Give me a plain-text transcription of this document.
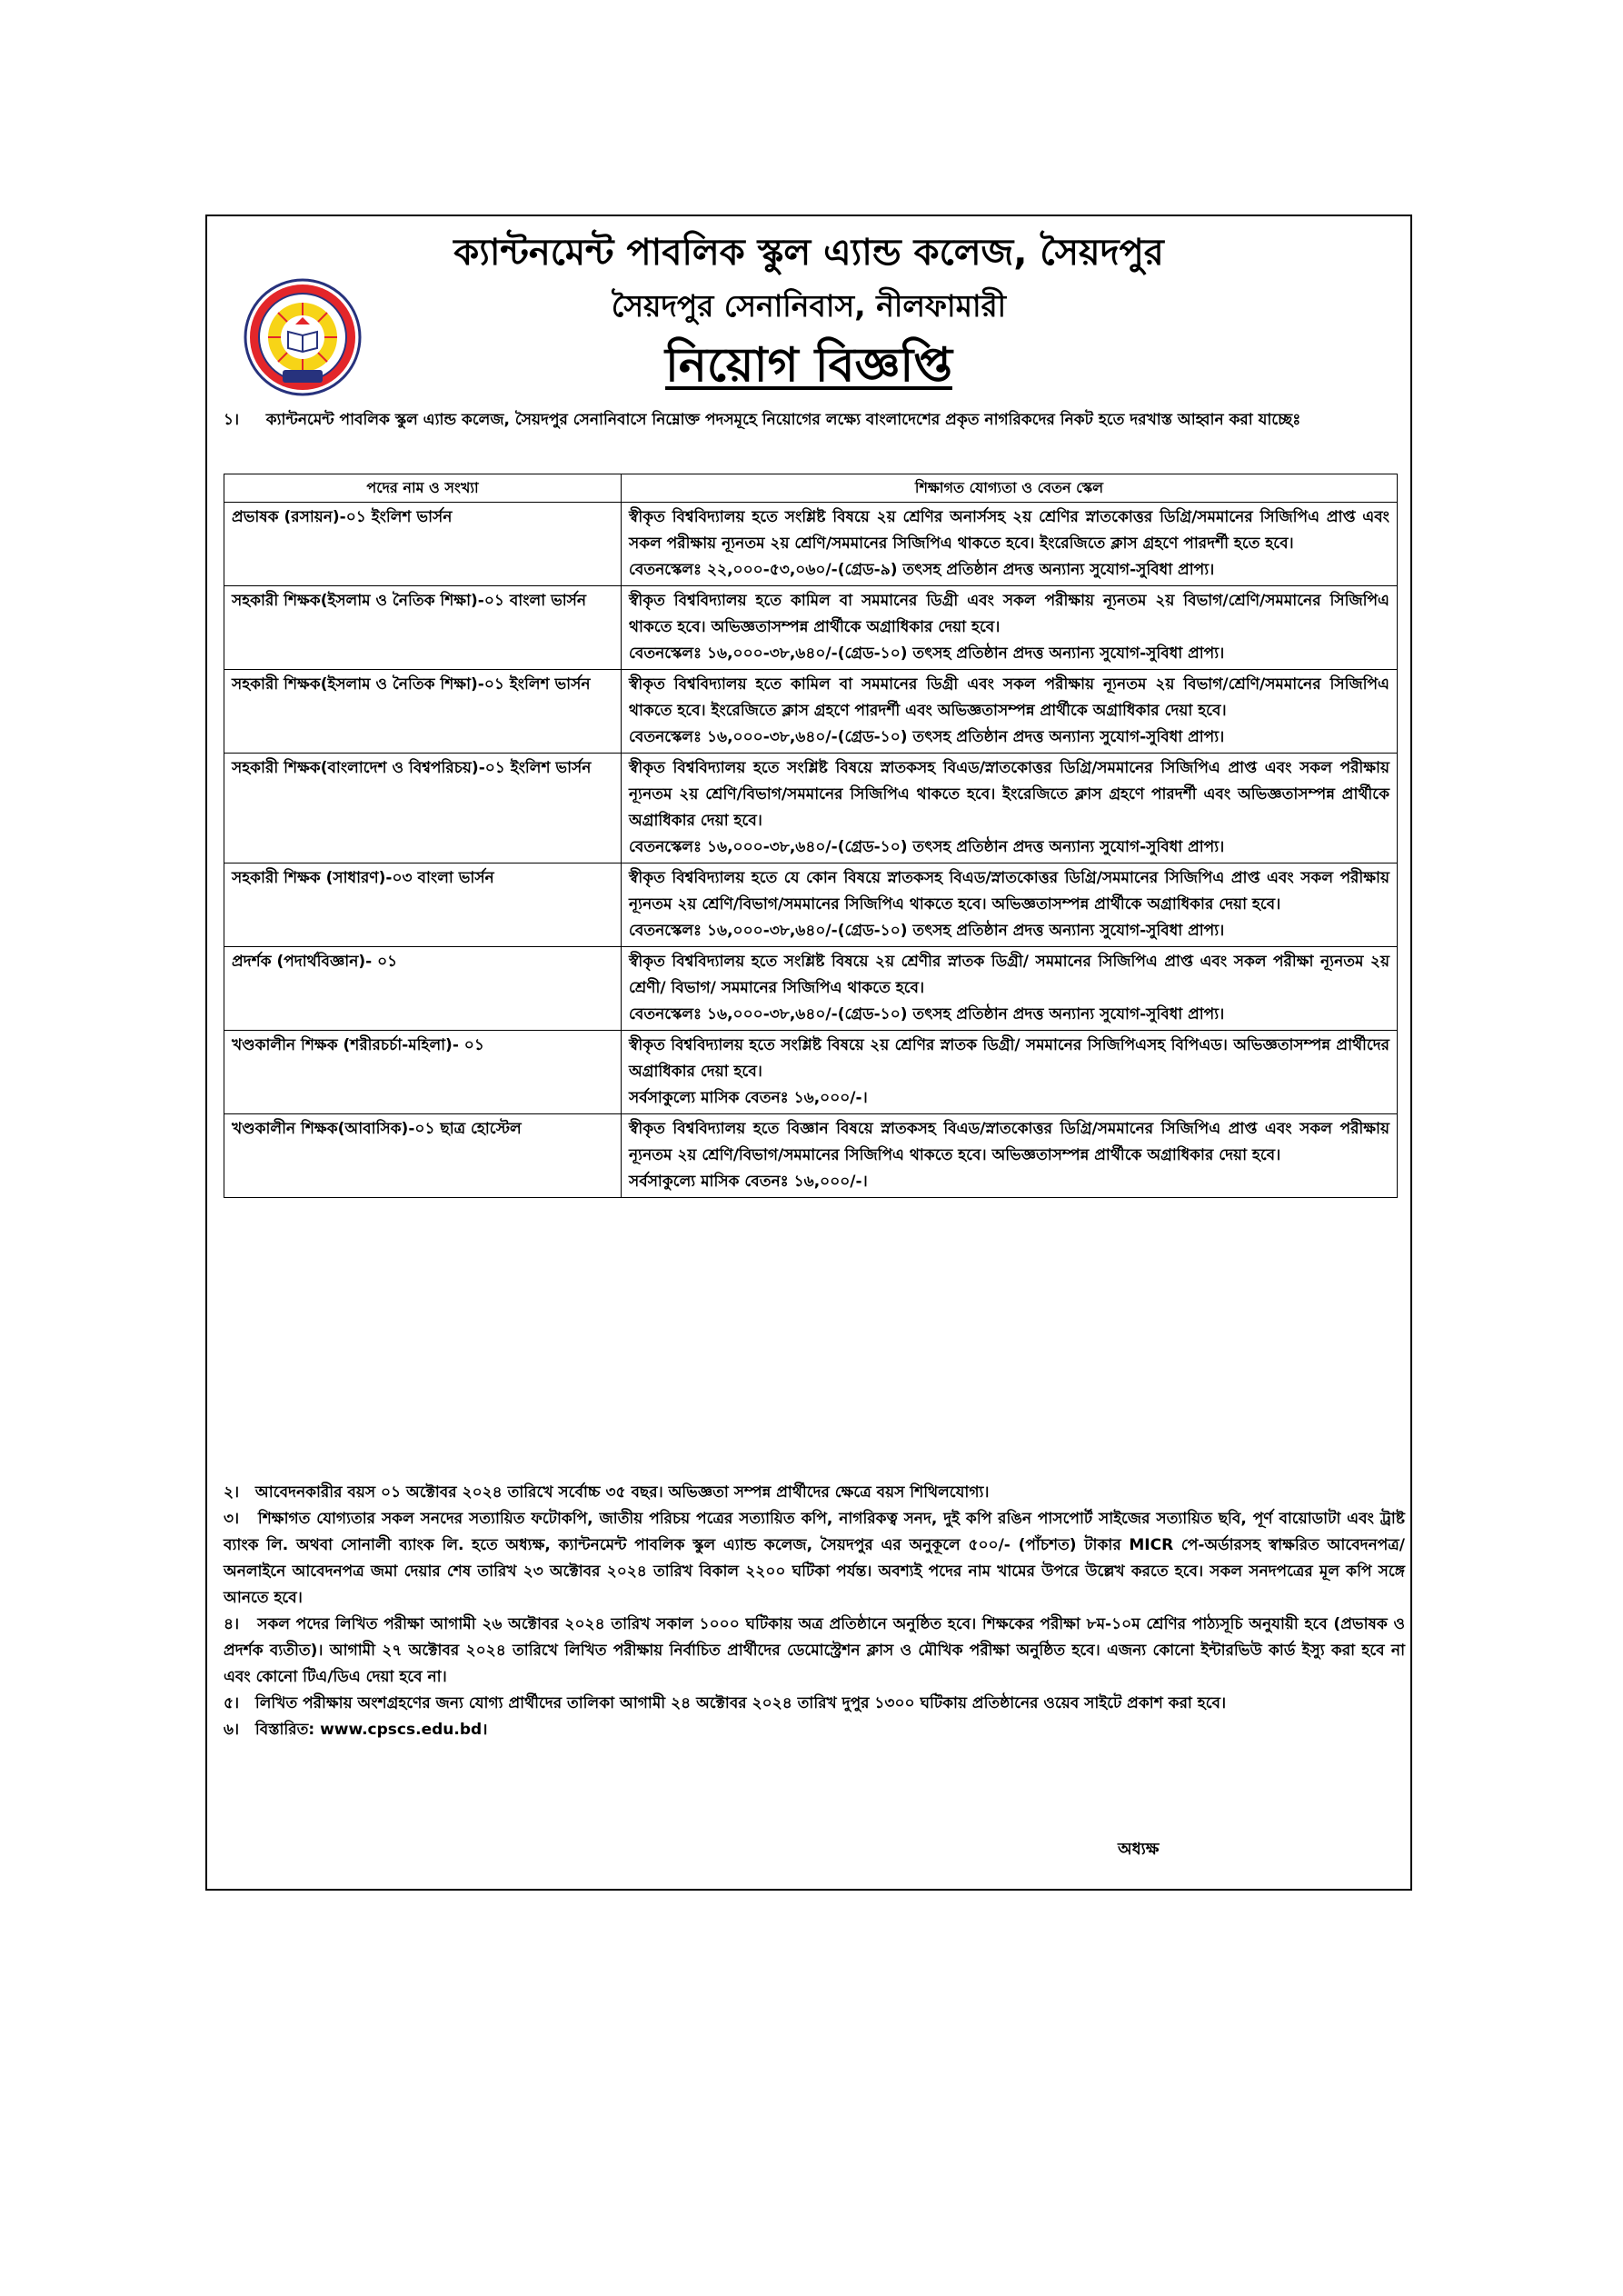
ক্যান্টনমেন্ট পাবলিক স্কুল এ্যান্ড কলেজ, সৈয়দপুর
সৈয়দপুর সেনানিবাস, নীলফামারী
নিয়োগ বিজ্ঞপ্তি
১। ক্যান্টনমেন্ট পাবলিক স্কুল এ্যান্ড কলেজ, সৈয়দপুর সেনানিবাসে নিম্নোক্ত পদসমূহে নিয়োগের লক্ষ্যে বাংলাদেশের প্রকৃত নাগরিকদের নিকট হতে দরখাস্ত আহ্বান করা যাচ্ছেঃ
পদের নাম ও সংখ্যা	শিক্ষাগত যোগ্যতা ও বেতন স্কেল
প্রভাষক (রসায়ন)-০১ ইংলিশ ভার্সন	স্বীকৃত বিশ্ববিদ্যালয় হতে সংশ্লিষ্ট বিষয়ে ২য় শ্রেণির অনার্সসহ ২য় শ্রেণির স্নাতকোত্তর ডিগ্রি/সমমানের সিজিপিএ প্রাপ্ত এবং সকল পরীক্ষায় ন্যূনতম ২য় শ্রেণি/সমমানের সিজিপিএ থাকতে হবে। ইংরেজিতে ক্লাস গ্রহণে পারদর্শী হতে হবে।
বেতনস্কেলঃ ২২,০০০-৫৩,০৬০/-(গ্রেড-৯) তৎসহ প্রতিষ্ঠান প্রদত্ত অন্যান্য সুযোগ-সুবিধা প্রাপ্য।

সহকারী শিক্ষক(ইসলাম ও নৈতিক শিক্ষা)-০১ বাংলা ভার্সন	স্বীকৃত বিশ্ববিদ্যালয় হতে কামিল বা সমমানের ডিগ্রী এবং সকল পরীক্ষায় ন্যূনতম ২য় বিভাগ/শ্রেণি/সমমানের সিজিপিএ থাকতে হবে। অভিজ্ঞতাসম্পন্ন প্রার্থীকে অগ্রাধিকার দেয়া হবে।
বেতনস্কেলঃ ১৬,০০০-৩৮,৬৪০/-(গ্রেড-১০) তৎসহ প্রতিষ্ঠান প্রদত্ত অন্যান্য সুযোগ-সুবিধা প্রাপ্য।

সহকারী শিক্ষক(ইসলাম ও নৈতিক শিক্ষা)-০১ ইংলিশ ভার্সন	স্বীকৃত বিশ্ববিদ্যালয় হতে কামিল বা সমমানের ডিগ্রী এবং সকল পরীক্ষায় ন্যূনতম ২য় বিভাগ/শ্রেণি/সমমানের সিজিপিএ থাকতে হবে। ইংরেজিতে ক্লাস গ্রহণে পারদর্শী এবং অভিজ্ঞতাসম্পন্ন প্রার্থীকে অগ্রাধিকার দেয়া হবে।
বেতনস্কেলঃ ১৬,০০০-৩৮,৬৪০/-(গ্রেড-১০) তৎসহ প্রতিষ্ঠান প্রদত্ত অন্যান্য সুযোগ-সুবিধা প্রাপ্য।

সহকারী শিক্ষক(বাংলাদেশ ও বিশ্বপরিচয়)-০১ ইংলিশ ভার্সন	স্বীকৃত বিশ্ববিদ্যালয় হতে সংশ্লিষ্ট বিষয়ে স্নাতকসহ বিএড/স্নাতকোত্তর ডিগ্রি/সমমানের সিজিপিএ প্রাপ্ত এবং সকল পরীক্ষায় ন্যূনতম ২য় শ্রেণি/বিভাগ/সমমানের সিজিপিএ থাকতে হবে। ইংরেজিতে ক্লাস গ্রহণে পারদর্শী এবং অভিজ্ঞতাসম্পন্ন প্রার্থীকে অগ্রাধিকার দেয়া হবে।
বেতনস্কেলঃ ১৬,০০০-৩৮,৬৪০/-(গ্রেড-১০) তৎসহ প্রতিষ্ঠান প্রদত্ত অন্যান্য সুযোগ-সুবিধা প্রাপ্য।

সহকারী শিক্ষক (সাধারণ)-০৩ বাংলা ভার্সন	স্বীকৃত বিশ্ববিদ্যালয় হতে যে কোন বিষয়ে স্নাতকসহ বিএড/স্নাতকোত্তর ডিগ্রি/সমমানের সিজিপিএ প্রাপ্ত এবং সকল পরীক্ষায় ন্যূনতম ২য় শ্রেণি/বিভাগ/সমমানের সিজিপিএ থাকতে হবে। অভিজ্ঞতাসম্পন্ন প্রার্থীকে অগ্রাধিকার দেয়া হবে।
বেতনস্কেলঃ ১৬,০০০-৩৮,৬৪০/-(গ্রেড-১০) তৎসহ প্রতিষ্ঠান প্রদত্ত অন্যান্য সুযোগ-সুবিধা প্রাপ্য।

প্রদর্শক (পদার্থবিজ্ঞান)- ০১	স্বীকৃত বিশ্ববিদ্যালয় হতে সংশ্লিষ্ট বিষয়ে ২য় শ্রেণীর স্নাতক ডিগ্রী/ সমমানের সিজিপিএ প্রাপ্ত এবং সকল পরীক্ষা ন্যূনতম ২য় শ্রেণী/ বিভাগ/ সমমানের সিজিপিএ থাকতে হবে।
বেতনস্কেলঃ ১৬,০০০-৩৮,৬৪০/-(গ্রেড-১০) তৎসহ প্রতিষ্ঠান প্রদত্ত অন্যান্য সুযোগ-সুবিধা প্রাপ্য।

খণ্ডকালীন শিক্ষক (শরীরচর্চা-মহিলা)- ০১	স্বীকৃত বিশ্ববিদ্যালয় হতে সংশ্লিষ্ট বিষয়ে ২য় শ্রেণির স্নাতক ডিগ্রী/ সমমানের সিজিপিএসহ বিপিএড। অভিজ্ঞতাসম্পন্ন প্রার্থীদের অগ্রাধিকার দেয়া হবে।
সর্বসাকুল্যে মাসিক বেতনঃ ১৬,০০০/-।

খণ্ডকালীন শিক্ষক(আবাসিক)-০১ ছাত্র হোস্টেল	স্বীকৃত বিশ্ববিদ্যালয় হতে বিজ্ঞান বিষয়ে স্নাতকসহ বিএড/স্নাতকোত্তর ডিগ্রি/সমমানের সিজিপিএ প্রাপ্ত এবং সকল পরীক্ষায় ন্যূনতম ২য় শ্রেণি/বিভাগ/সমমানের সিজিপিএ থাকতে হবে। অভিজ্ঞতাসম্পন্ন প্রার্থীকে অগ্রাধিকার দেয়া হবে।
সর্বসাকুল্যে মাসিক বেতনঃ ১৬,০০০/-।

২। আবেদনকারীর বয়স ০১ অক্টোবর ২০২৪ তারিখে সর্বোচ্চ ৩৫ বছর। অভিজ্ঞতা সম্পন্ন প্রার্থীদের ক্ষেত্রে বয়স শিথিলযোগ্য।

৩। শিক্ষাগত যোগ্যতার সকল সনদের সত্যায়িত ফটোকপি, জাতীয় পরিচয় পত্রের সত্যায়িত কপি, নাগরিকত্ব সনদ, দুই কপি রঙিন পাসপোর্ট সাইজের সত্যায়িত ছবি, পূর্ণ বায়োডাটা এবং ট্রাষ্ট ব্যাংক লি. অথবা সোনালী ব্যাংক লি. হতে অধ্যক্ষ, ক্যান্টনমেন্ট পাবলিক স্কুল এ্যান্ড কলেজ, সৈয়দপুর এর অনুকূলে ৫০০/- (পাঁচশত) টাকার MICR পে-অর্ডারসহ স্বাক্ষরিত আবেদনপত্র/ অনলাইনে আবেদনপত্র জমা দেয়ার শেষ তারিখ ২৩ অক্টোবর ২০২৪ তারিখ বিকাল ২২০০ ঘটিকা পর্যন্ত। অবশ্যই পদের নাম খামের উপরে উল্লেখ করতে হবে। সকল সনদপত্রের মূল কপি সঙ্গে আনতে হবে।

৪। সকল পদের লিখিত পরীক্ষা আগামী ২৬ অক্টোবর ২০২৪ তারিখ সকাল ১০০০ ঘটিকায় অত্র প্রতিষ্ঠানে অনুষ্ঠিত হবে। শিক্ষকের পরীক্ষা ৮ম-১০ম শ্রেণির পাঠ্যসূচি অনুযায়ী হবে (প্রভাষক ও প্রদর্শক ব্যতীত)। আগামী ২৭ অক্টোবর ২০২৪ তারিখে লিখিত পরীক্ষায় নির্বাচিত প্রার্থীদের ডেমোস্ট্রেশন ক্লাস ও মৌখিক পরীক্ষা অনুষ্ঠিত হবে। এজন্য কোনো ইন্টারভিউ কার্ড ইস্যু করা হবে না এবং কোনো টিএ/ডিএ দেয়া হবে না।

৫। লিখিত পরীক্ষায় অংশগ্রহণের জন্য যোগ্য প্রার্থীদের তালিকা আগামী ২৪ অক্টোবর ২০২৪ তারিখ দুপুর ১৩০০ ঘটিকায় প্রতিষ্ঠানের ওয়েব সাইটে প্রকাশ করা হবে।

৬। বিস্তারিত: www.cpscs.edu.bd।

অধ্যক্ষ
